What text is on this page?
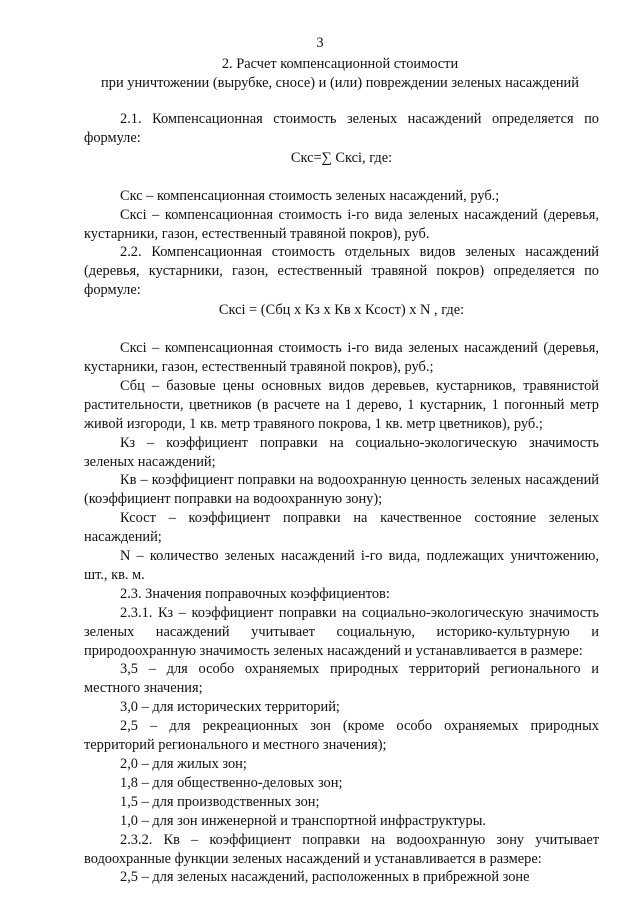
3
2. Расчет компенсационной стоимости
при уничтожении (вырубке, сносе) и (или) повреждении зеленых насаждений

2.1. Компенсационная стоимость зеленых насаждений определяется по формуле:

Скс=∑ Cксi, где:

Скс – компенсационная стоимость зеленых насаждений, руб.;

Cксi – компенсационная стоимость i-го вида зеленых насаждений (деревья, кустарники, газон, естественный травяной покров), руб.

2.2. Компенсационная стоимость отдельных видов зеленых насаждений (деревья, кустарники, газон, естественный травяной покров) определяется по формуле:

Cксi = (Сбц х Кз х Кв х Ксост) х N , где:

Cксi – компенсационная стоимость i-го вида зеленых насаждений (деревья, кустарники, газон, естественный травяной покров), руб.;

Сбц – базовые цены основных видов деревьев, кустарников, травянистой растительности, цветников (в расчете на 1 дерево, 1 кустарник, 1 погонный метр живой изгороди, 1 кв. метр травяного покрова, 1 кв. метр цветников), руб.;

Кз – коэффициент поправки на социально-экологическую значимость зеленых насаждений;

Кв – коэффициент поправки на водоохранную ценность зеленых насаждений (коэффициент поправки на водоохранную зону);

Ксост – коэффициент поправки на качественное состояние зеленых насаждений;

N – количество зеленых насаждений i-го вида, подлежащих уничтожению, шт., кв. м.

2.3. Значения поправочных коэффициентов:

2.3.1. Кз – коэффициент поправки на социально-экологическую значимость зеленых насаждений учитывает социальную, историко-культурную и природоохранную значимость зеленых насаждений и устанавливается в размере:

3,5 – для особо охраняемых природных территорий регионального и местного значения;

3,0 – для исторических территорий;

2,5 – для рекреационных зон (кроме особо охраняемых природных территорий регионального и местного значения);

2,0 – для жилых зон;

1,8 – для общественно-деловых зон;

1,5 – для производственных зон;

1,0 – для зон инженерной и транспортной инфраструктуры.

2.3.2. Кв – коэффициент поправки на водоохранную зону учитывает водоохранные функции зеленых насаждений и устанавливается в размере:

2,5 – для зеленых насаждений, расположенных в прибрежной зоне
